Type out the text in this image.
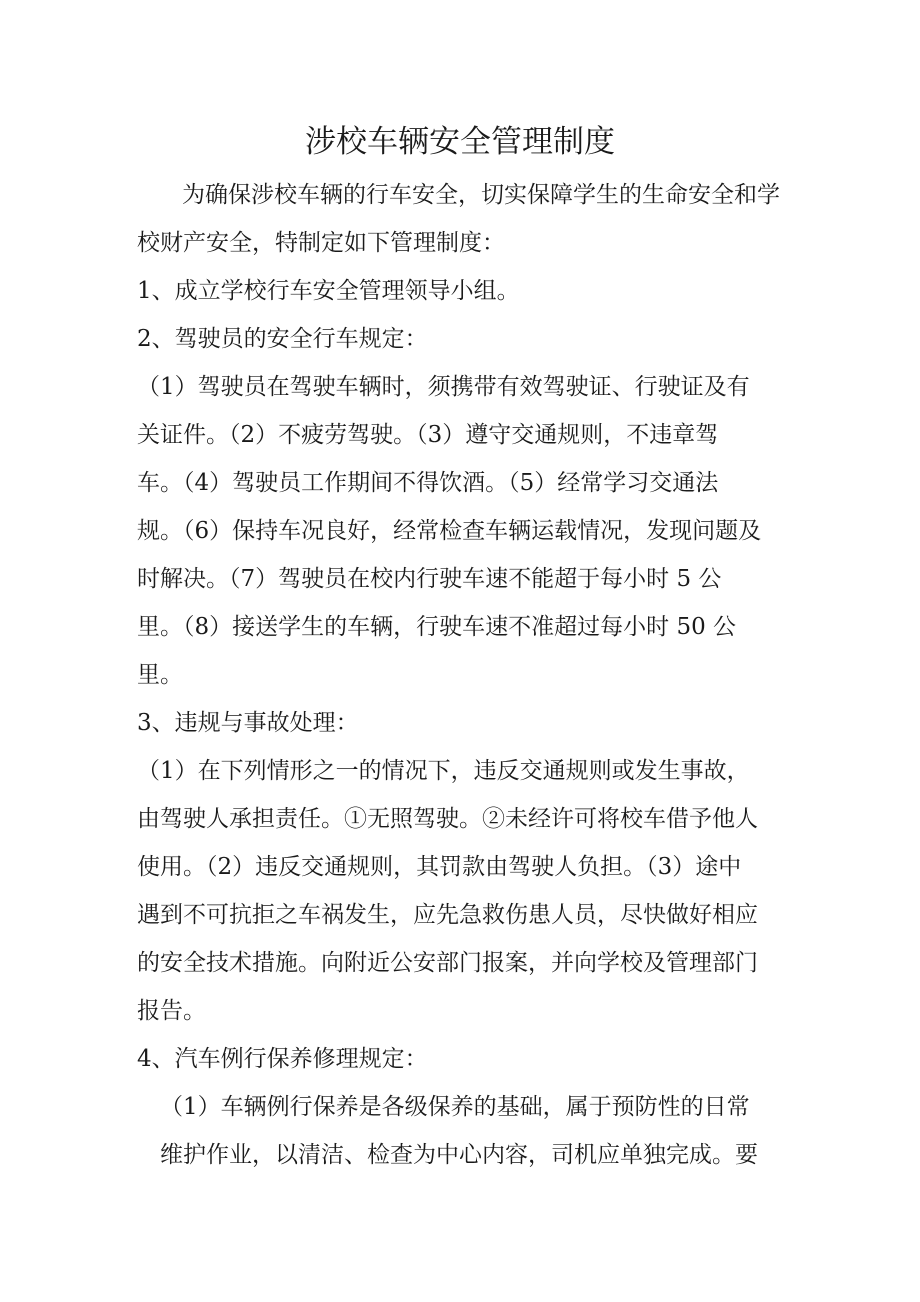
涉校车辆安全管理制度

为确保涉校车辆的行车安全，切实保障学生的生命安全和学

校财产安全，特制定如下管理制度：

1、成立学校行车安全管理领导小组。

2、驾驶员的安全行车规定：

（1）驾驶员在驾驶车辆时，须携带有效驾驶证、行驶证及有

关证件。（2）不疲劳驾驶。（3）遵守交通规则，不违章驾

车。（4）驾驶员工作期间不得饮酒。（5）经常学习交通法

规。（6）保持车况良好，经常检查车辆运载情况，发现问题及

时解决。（7）驾驶员在校内行驶车速不能超于每小时 5 公

里。（8）接送学生的车辆，行驶车速不准超过每小时 50 公

里。

3、违规与事故处理：

（1）在下列情形之一的情况下，违反交通规则或发生事故，

由驾驶人承担责任。①无照驾驶。②未经许可将校车借予他人

使用。（2）违反交通规则，其罚款由驾驶人负担。（3）途中

遇到不可抗拒之车祸发生，应先急救伤患人员，尽快做好相应

的安全技术措施。向附近公安部门报案，并向学校及管理部门

报告。

4、汽车例行保养修理规定：

（1）车辆例行保养是各级保养的基础，属于预防性的日常

维护作业，以清洁、检查为中心内容，司机应单独完成。要
